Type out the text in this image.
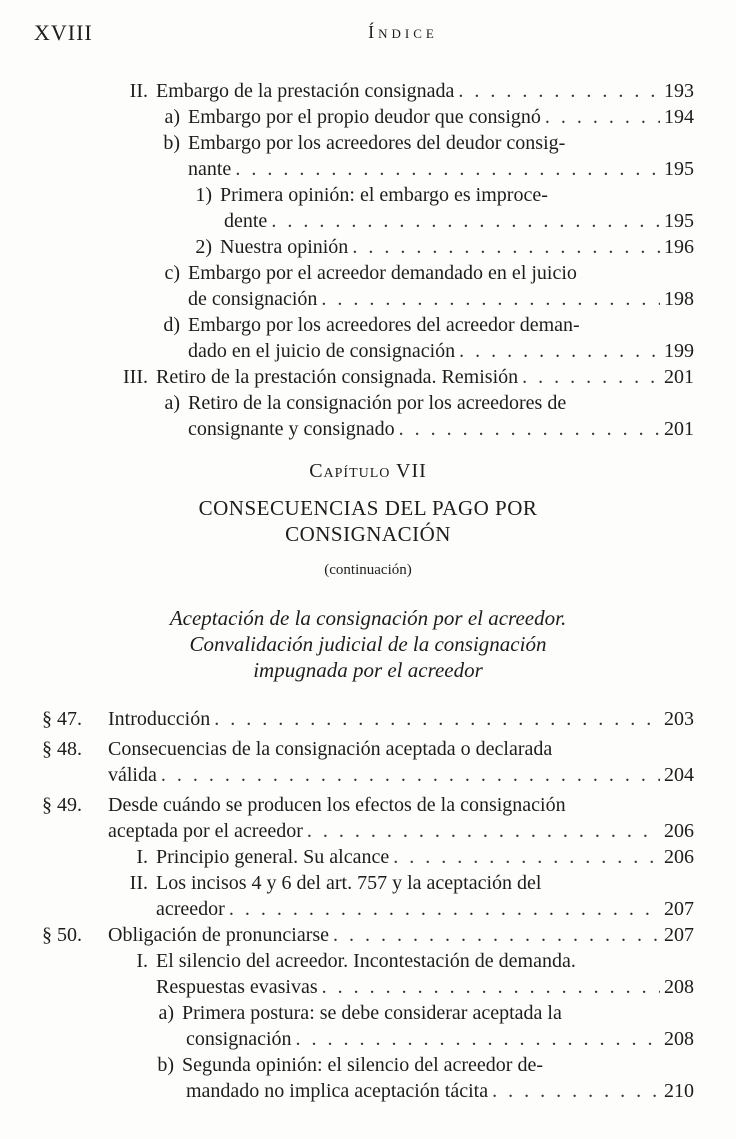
XVIII	Índice
II. Embargo de la prestación consignada . . .	193
a) Embargo por el propio deudor que consignó . . .	194
b) Embargo por los acreedores del deudor consig-
nante . . .	195
1) Primera opinión: el embargo es improce-
dente . . .	195
2) Nuestra opinión . . .	196
c) Embargo por el acreedor demandado en el juicio
de consignación . . .	198
d) Embargo por los acreedores del acreedor deman-
dado en el juicio de consignación . . .	199
III. Retiro de la prestación consignada. Remisión . . .	201
a) Retiro de la consignación por los acreedores de
consignante y consignado . . .	201
Capítulo VII
CONSECUENCIAS DEL PAGO POR
CONSIGNACIÓN
(continuación)
Aceptación de la consignación por el acreedor.
Convalidación judicial de la consignación
impugnada por el acreedor
§ 47.	Introducción . . .	203
§ 48. Consecuencias de la consignación aceptada o declarada
válida . . .	204
§ 49. Desde cuándo se producen los efectos de la consignación
aceptada por el acreedor . . .	206
I. Principio general. Su alcance . . .	206
II. Los incisos 4 y 6 del art. 757 y la aceptación del
acreedor . . .	207
§ 50.	Obligación de pronunciarse . . .	207
I. El silencio del acreedor. Incontestación de demanda.
Respuestas evasivas . . .	208
a) Primera postura: se debe considerar aceptada la
consignación . . .	208
b) Segunda opinión: el silencio del acreedor de-
mandado no implica aceptación tácita . . .	210
